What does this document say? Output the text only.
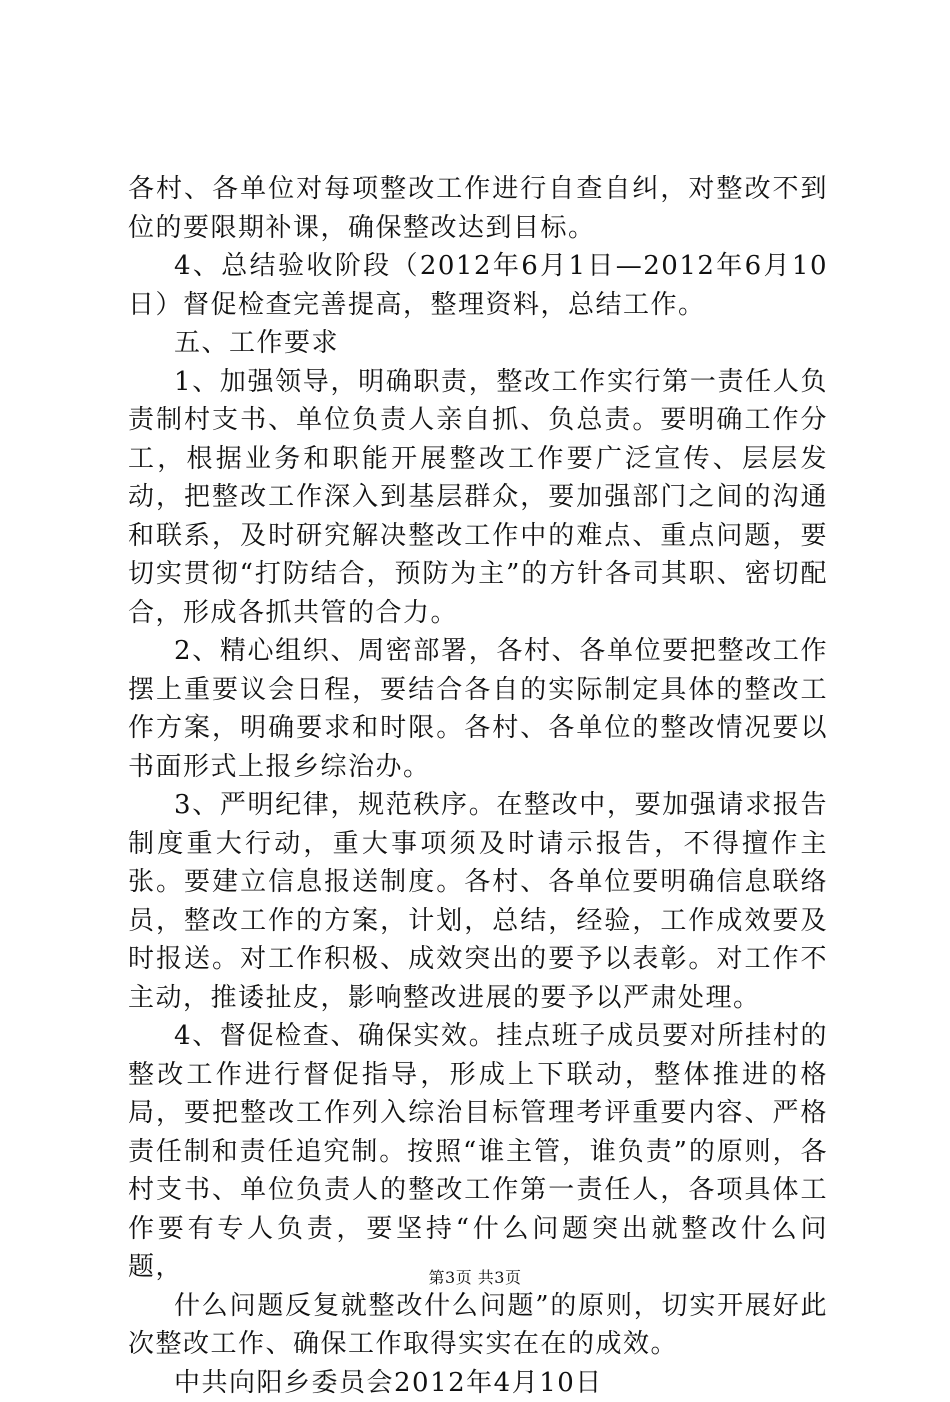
各村、各单位对每项整改工作进行自查自纠，对整改不到位的要限期补课，确保整改达到目标。

4、总结验收阶段（2012年6月1日—2012年6月10日）督促检查完善提高，整理资料，总结工作。

五、工作要求

1、加强领导，明确职责，整改工作实行第一责任人负责制村支书、单位负责人亲自抓、负总责。要明确工作分工，根据业务和职能开展整改工作要广泛宣传、层层发动，把整改工作深入到基层群众，要加强部门之间的沟通和联系，及时研究解决整改工作中的难点、重点问题，要切实贯彻“打防结合，预防为主”的方针各司其职、密切配合，形成各抓共管的合力。

2、精心组织、周密部署，各村、各单位要把整改工作摆上重要议会日程，要结合各自的实际制定具体的整改工作方案，明确要求和时限。各村、各单位的整改情况要以书面形式上报乡综治办。

3、严明纪律，规范秩序。在整改中，要加强请求报告制度重大行动，重大事项须及时请示报告，不得擅作主张。要建立信息报送制度。各村、各单位要明确信息联络员，整改工作的方案，计划，总结，经验，工作成效要及时报送。对工作积极、成效突出的要予以表彰。对工作不主动，推诿扯皮，影响整改进展的要予以严肃处理。

4、督促检查、确保实效。挂点班子成员要对所挂村的整改工作进行督促指导，形成上下联动，整体推进的格局，要把整改工作列入综治目标管理考评重要内容、严格责任制和责任追究制。按照“谁主管，谁负责”的原则，各村支书、单位负责人的整改工作第一责任人，各项具体工作要有专人负责，要坚持“什么问题突出就整改什么问题，

什么问题反复就整改什么问题”的原则，切实开展好此次整改工作、确保工作取得实实在在的成效。

中共向阳乡委员会2012年4月10日

第3页 共3页
